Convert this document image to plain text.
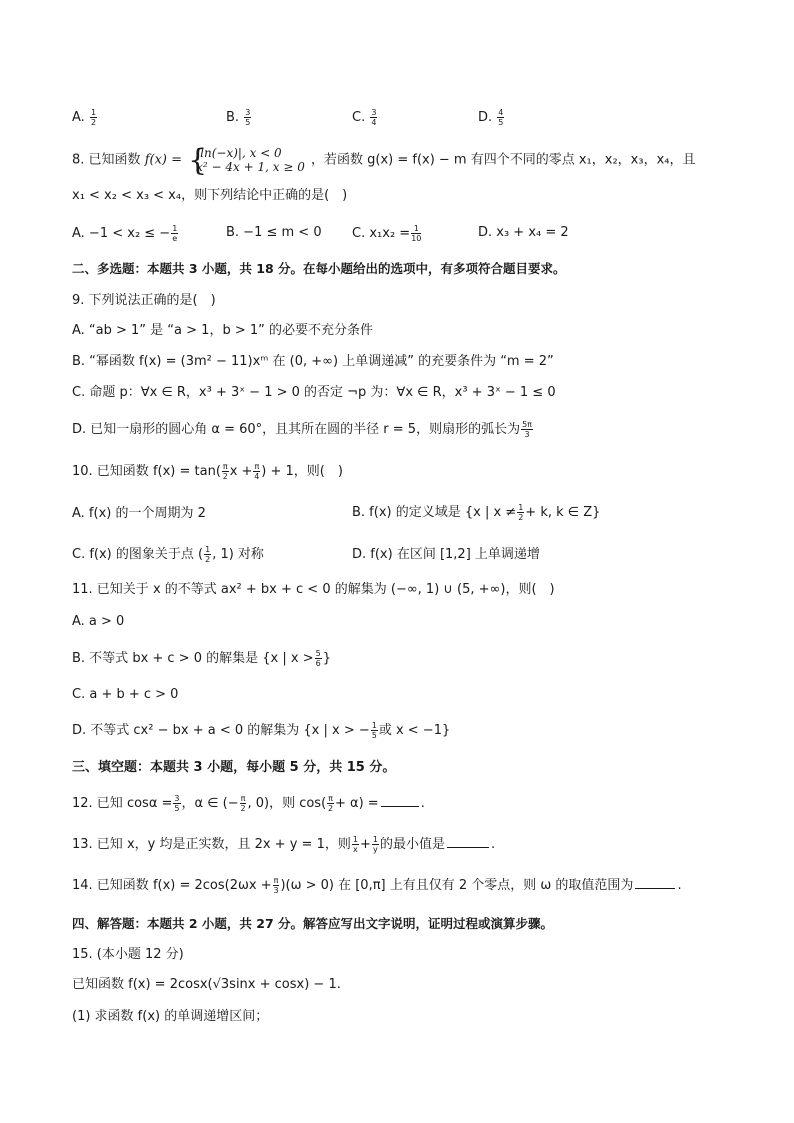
A. $\frac{1}{2}$	B. $\frac{3}{5}$	C. $\frac{3}{4}$	D. $\frac{4}{5}$
8. 已知函数 f(x) = {
|ln(−x)|, x < 0
x² − 4x + 1, x ≥ 0 ，若函数 g(x) = f(x) − m 有四个不同的零点 x₁，x₂，x₃，x₄，且
x₁ < x₂ < x₃ < x₄，则下列结论中正确的是(　)
A. −1 < x₂ ≤ − $\frac{1}{e}$	B. −1 ≤ m < 0 C. $x_1x_2 = \frac{1}{10}$	D. x₃ + x₄ = 2
二、多选题：本题共 3 小题，共 18 分。在每小题给出的选项中，有多项符合题目要求。
9. 下列说法正确的是(　)
A. “ab > 1” 是 “a > 1，b > 1” 的必要不充分条件
B. “幂函数 f(x) = (3m² − 11)xᵐ 在 (0, +∞) 上单调递减” 的充要条件为 “m = 2”
C. 命题 p：∀x ∈ R，x³ + 3ˣ − 1 > 0 的否定 ¬p 为：∀x ∈ R，x³ + 3ˣ − 1 ≤ 0
D. 已知一扇形的圆心角 α = 60°，且其所在圆的半径 r = 5，则扇形的弧长为 $\frac{5\pi}{3}$
10. 已知函数 $f(x) = \tan( \frac{\pi}{2}$ $x + \frac{\pi}{4}$ ) + 1，则(　)
A. f(x) 的一个周期为 2	B. f(x) 的定义域是 {x | $x \ne \frac{1}{2} + k$, k ∈ Z}
C. f(x) 的图象关于点 ( $\frac{1}{2}$ , 1) 对称	D. f(x) 在区间 [1,2] 上单调递增
11. 已知关于 x 的不等式 ax² + bx + c < 0 的解集为 (−∞, 1) ∪ (5, +∞)，则(　)
A. a > 0
B. 不等式 bx + c > 0 的解集是 {x | $x > \frac{5}{6}$ }
C. a + b + c > 0
D. 不等式 cx² − bx + a < 0 的解集为 {x | x > − $\frac{1}{5}$ 或 x < −1}
三、填空题：本题共 3 小题，每小题 5 分，共 15 分。
12. 已知 $\cos\alpha = \frac{3}{5}$ ，α ∈ (− $\frac{\pi}{2}$ , 0)，则 $\cos( \frac{\pi}{2} + \alpha)$ =	.
13. 已知 x，y 均是正实数，且 2x + y = 1，则 $\frac{1}{x} + \frac{1}{y}$ 的最小值是	.
14. 已知函数 $f(x) = 2\cos(2\omega x + \frac{\pi}{3} )(\omega > 0)$ 在 [0,π] 上有且仅有 2 个零点，则 ω 的取值范围为	.
四、解答题：本题共 2 小题，共 27 分。解答应写出文字说明，证明过程或演算步骤。
15. (本小题 12 分)
已知函数 f(x) = 2cosx(√3sinx + cosx) − 1.
(1) 求函数 f(x) 的单调递增区间；
